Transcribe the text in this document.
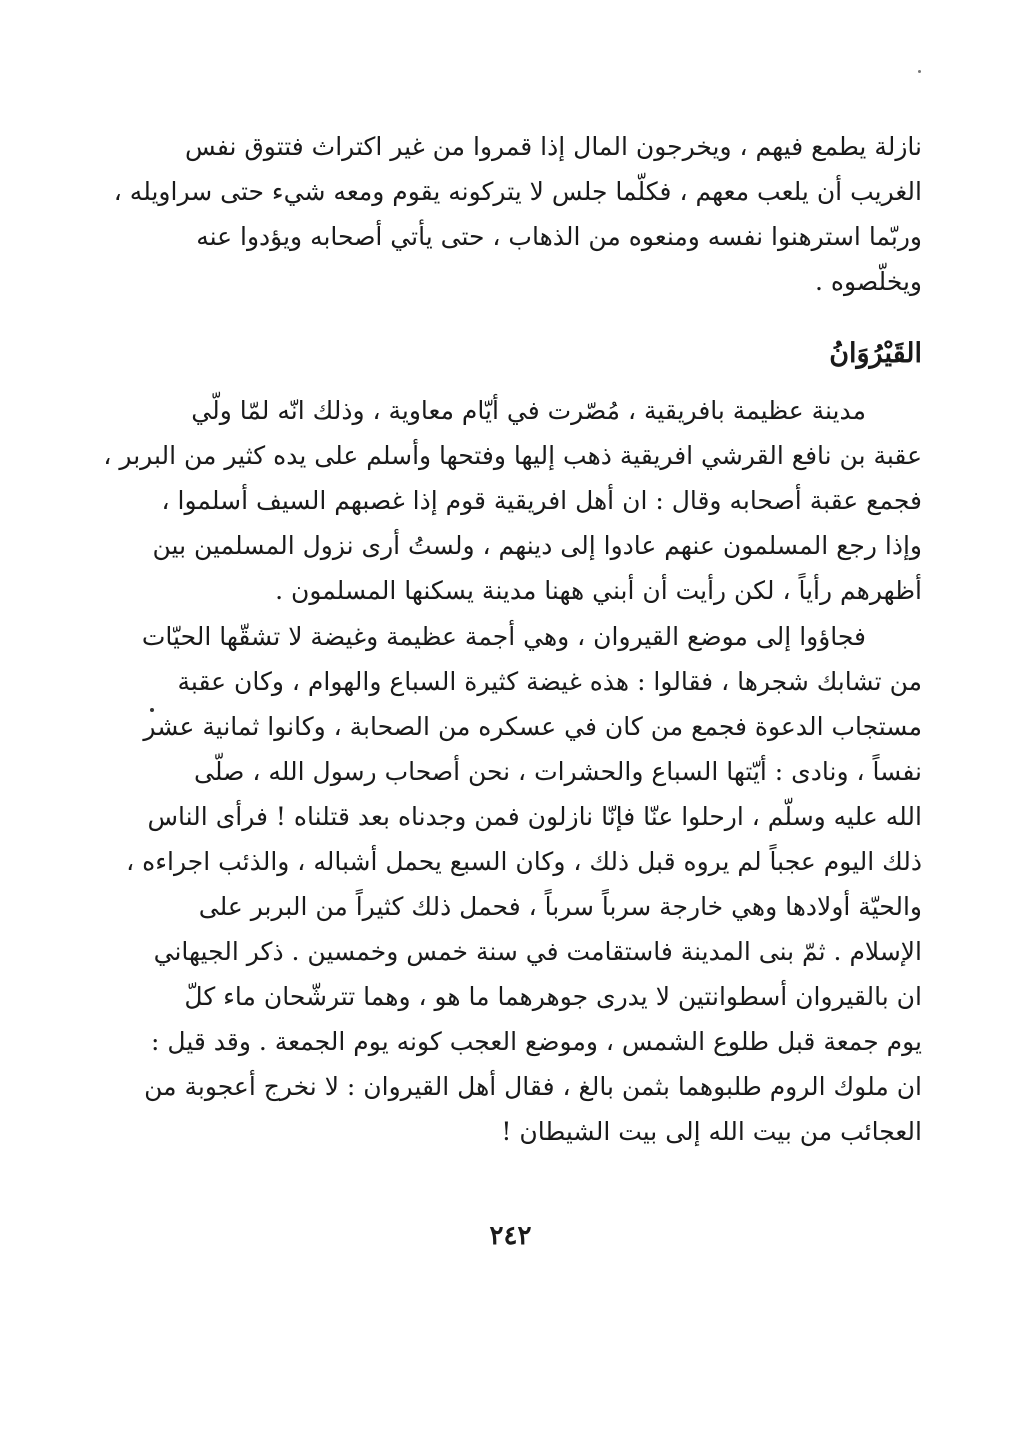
نازلة يطمع فيهم ، ويخرجون المال إذا قمروا من غير اكتراث فتتوق نفس
الغريب أن يلعب معهم ، فكلّما جلس لا يتركونه يقوم ومعه شيء حتى سراويله ،
وربّما استرهنوا نفسه ومنعوه من الذهاب ، حتى يأتي أصحابه ويؤدوا عنه
ويخلّصوه .
القَيْرُوَانُ
مدينة عظيمة بافريقية ، مُصّرت في أيّام معاوية ، وذلك انّه لمّا ولّي
عقبة بن نافع القرشي افريقية ذهب إليها وفتحها وأسلم على يده كثير من البربر ،
فجمع عقبة أصحابه وقال : ان أهل افريقية قوم إذا غصبهم السيف أسلموا ،
وإذا رجع المسلمون عنهم عادوا إلى دينهم ، ولستُ أرى نزول المسلمين بين
أظهرهم رأياً ، لكن رأيت أن أبني ههنا مدينة يسكنها المسلمون .
فجاؤوا إلى موضع القيروان ، وهي أجمة عظيمة وغيضة لا تشقّها الحيّات
من تشابك شجرها ، فقالوا : هذه غيضة كثيرة السباع والهوام ، وكان عقبة
مستجاب الدعوة فجمع من كان في عسكره من الصحابة ، وكانوا ثمانية عشر
نفساً ، ونادى : أيّتها السباع والحشرات ، نحن أصحاب رسول الله ، صلّى
الله عليه وسلّم ، ارحلوا عنّا فإنّا نازلون فمن وجدناه بعد قتلناه ! فرأى الناس
ذلك اليوم عجباً لم يروه قبل ذلك ، وكان السبع يحمل أشباله ، والذئب اجراءه ،
والحيّة أولادها وهي خارجة سرباً سرباً ، فحمل ذلك كثيراً من البربر على
الإسلام . ثمّ بنى المدينة فاستقامت في سنة خمس وخمسين . ذكر الجيهاني
ان بالقيروان أسطوانتين لا يدرى جوهرهما ما هو ، وهما تترشّحان ماء كلّ
يوم جمعة قبل طلوع الشمس ، وموضع العجب كونه يوم الجمعة . وقد قيل :
ان ملوك الروم طلبوهما بثمن بالغ ، فقال أهل القيروان : لا نخرج أعجوبة من
العجائب من بيت الله إلى بيت الشيطان !
٢٤٢
